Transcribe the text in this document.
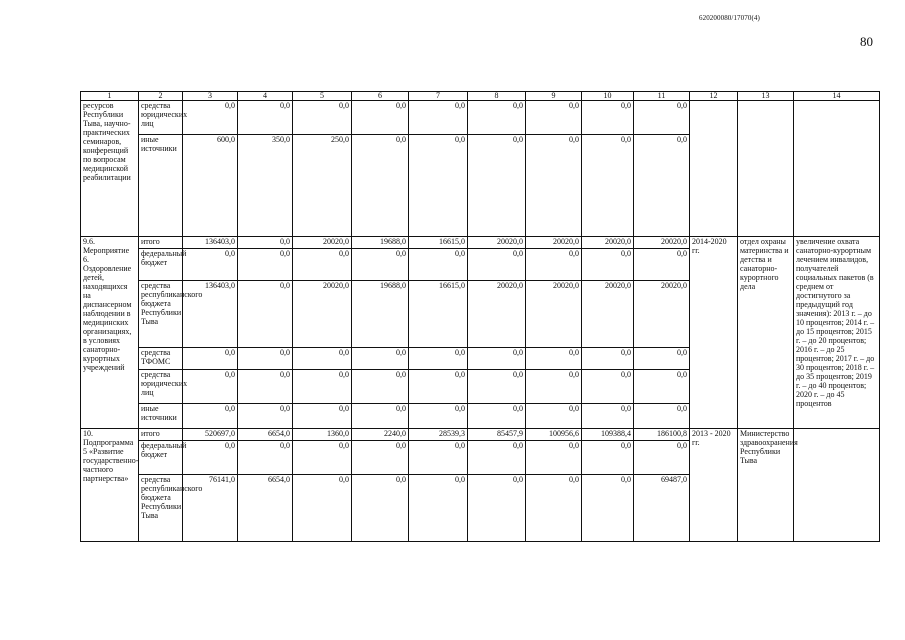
620200080/17070(4)
80
1	2	3	4	5	6	7	8	9	10	11	12	13	14
ресурсов Республики Тыва, научно-практических семинаров, конференций по вопросам медицинской реабилитации	средства юридических лиц	0,0	0,0	0,0	0,0	0,0	0,0	0,0	0,0	0,0			
	иные источники	600,0	350,0	250,0	0,0	0,0	0,0	0,0	0,0	0,0			
9.6. Мероприятие 6. Оздоровление детей, находящихся на диспансерном наблюдении в медицинских организациях, в условиях санаторно-курортных учреждений	итого	136403,0	0,0	20020,0	19688,0	16615,0	20020,0	20020,0	20020,0	20020,0	2014-2020 гг.	отдел охраны материнства и детства и санаторно-курортного дела	увеличение охвата санаторно-курортным лечением инвалидов, получателей социальных пакетов (в среднем от достигнутого за предыдущий год значения): 2013 г. – до 10 процентов; 2014 г. – до 15 процентов; 2015 г. – до 20 процентов; 2016 г. – до 25 процентов; 2017 г. – до 30 процентов; 2018 г. – до 35 процентов; 2019 г. – до 40 процентов; 2020 г. – до 45 процентов
	федеральный бюджет	0,0	0,0	0,0	0,0	0,0	0,0	0,0	0,0	0,0			
	средства республиканского бюджета Республики Тыва	136403,0	0,0	20020,0	19688,0	16615,0	20020,0	20020,0	20020,0	20020,0			
	средства ТФОМС	0,0	0,0	0,0	0,0	0,0	0,0	0,0	0,0	0,0			
	средства юридических лиц	0,0	0,0	0,0	0,0	0,0	0,0	0,0	0,0	0,0			
	иные источники	0,0	0,0	0,0	0,0	0,0	0,0	0,0	0,0	0,0			
10. Подпрограмма 5 «Развитие государственно-частного партнерства»	итого	520697,0	6654,0	1360,0	2240,0	28539,3	85457,9	100956,6	109388,4	186100,8	2013 - 2020 гг.	Министерство здравоохранения Республики Тыва	
	федеральный бюджет	0,0	0,0	0,0	0,0	0,0	0,0	0,0	0,0	0,0			
	средства республиканского бюджета Республики Тыва	76141,0	6654,0	0,0	0,0	0,0	0,0	0,0	0,0	69487,0			
